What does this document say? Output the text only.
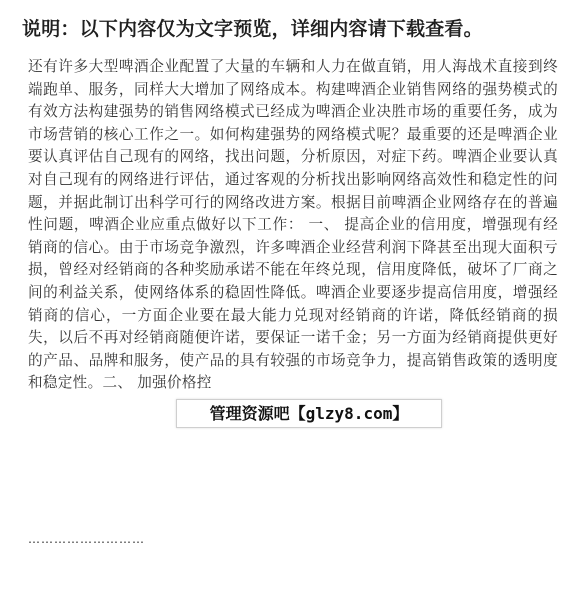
说明：以下内容仅为文字预览，详细内容请下载查看。
还有许多大型啤酒企业配置了大量的车辆和人力在做直销，用人海战术直接到终端跑单、服务，同样大大增加了网络成本。构建啤酒企业销售网络的强势模式的有效方法构建强势的销售网络模式已经成为啤酒企业决胜市场的重要任务，成为市场营销的核心工作之一。如何构建强势的网络模式呢？最重要的还是啤酒企业要认真评估自己现有的网络，找出问题，分析原因，对症下药。啤酒企业要认真对自己现有的网络进行评估，通过客观的分析找出影响网络高效性和稳定性的问题，并据此制订出科学可行的网络改进方案。根据目前啤酒企业网络存在的普遍性问题，啤酒企业应重点做好以下工作： 一、 提高企业的信用度，增强现有经销商的信心。由于市场竞争激烈，许多啤酒企业经营利润下降甚至出现大面积亏损，曾经对经销商的各种奖励承诺不能在年终兑现，信用度降低，破坏了厂商之间的利益关系，使网络体系的稳固性降低。啤酒企业要逐步提高信用度，增强经销商的信心，一方面企业要在最大能力兑现对经销商的许诺，降低经销商的损失，以后不再对经销商随便许诺，要保证一诺千金；另一方面为经销商提供更好的产品、品牌和服务，使产品的具有较强的市场竞争力，提高销售政策的透明度和稳定性。二、 加强价格控
………………………
管理资源吧【glzy8.com】
